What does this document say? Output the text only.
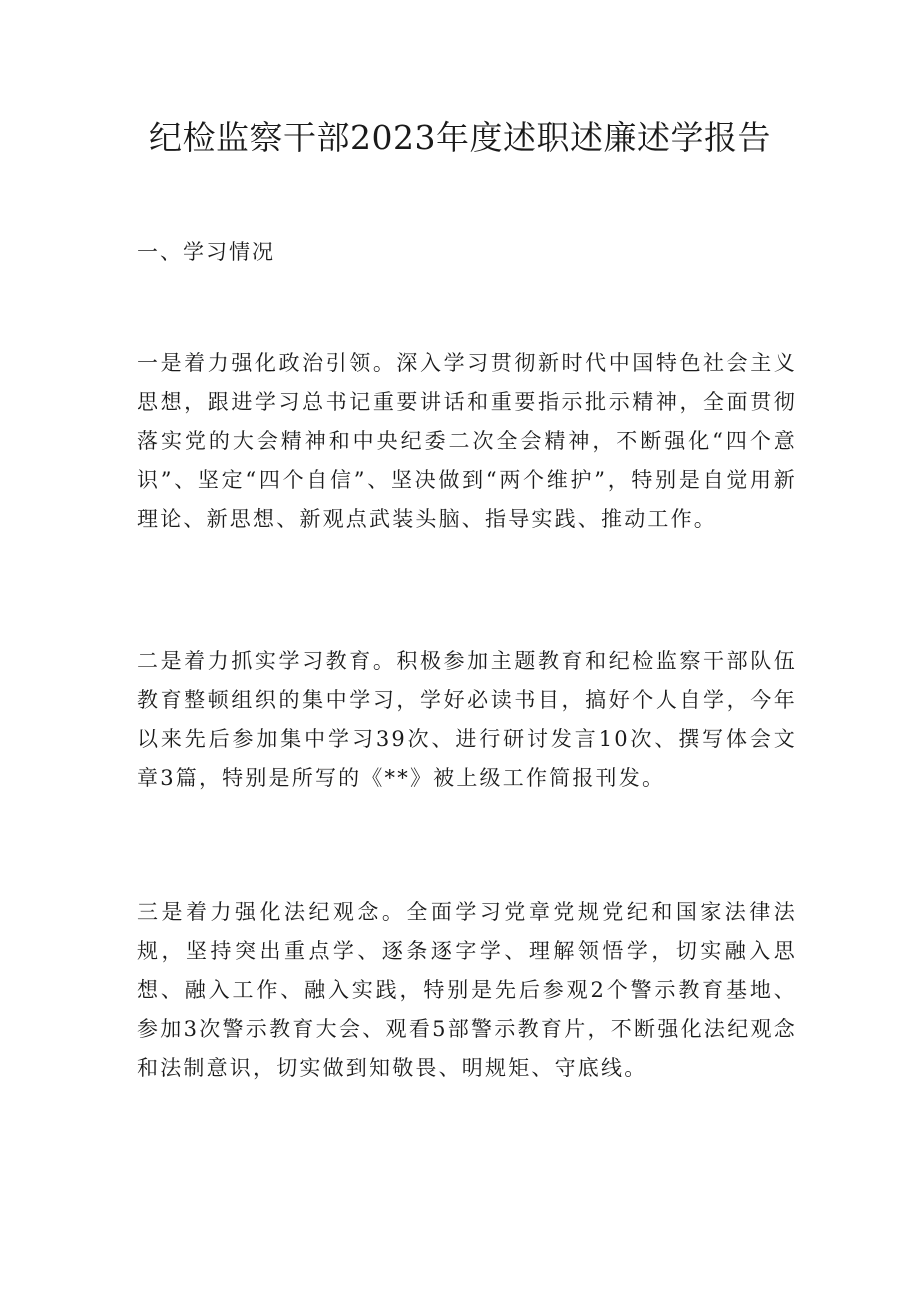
纪检监察干部2023年度述职述廉述学报告
一、学习情况

一是着力强化政治引领。深入学习贯彻新时代中国特色社会主义思想，跟进学习总书记重要讲话和重要指示批示精神，全面贯彻落实党的大会精神和中央纪委二次全会精神，不断强化“四个意识”、坚定“四个自信”、坚决做到“两个维护”，特别是自觉用新理论、新思想、新观点武装头脑、指导实践、推动工作。

二是着力抓实学习教育。积极参加主题教育和纪检监察干部队伍教育整顿组织的集中学习，学好必读书目，搞好个人自学，今年以来先后参加集中学习39次、进行研讨发言10次、撰写体会文章3篇，特别是所写的《**》被上级工作简报刊发。

三是着力强化法纪观念。全面学习党章党规党纪和国家法律法规，坚持突出重点学、逐条逐字学、理解领悟学，切实融入思想、融入工作、融入实践，特别是先后参观2个警示教育基地、参加3次警示教育大会、观看5部警示教育片，不断强化法纪观念和法制意识，切实做到知敬畏、明规矩、守底线。
